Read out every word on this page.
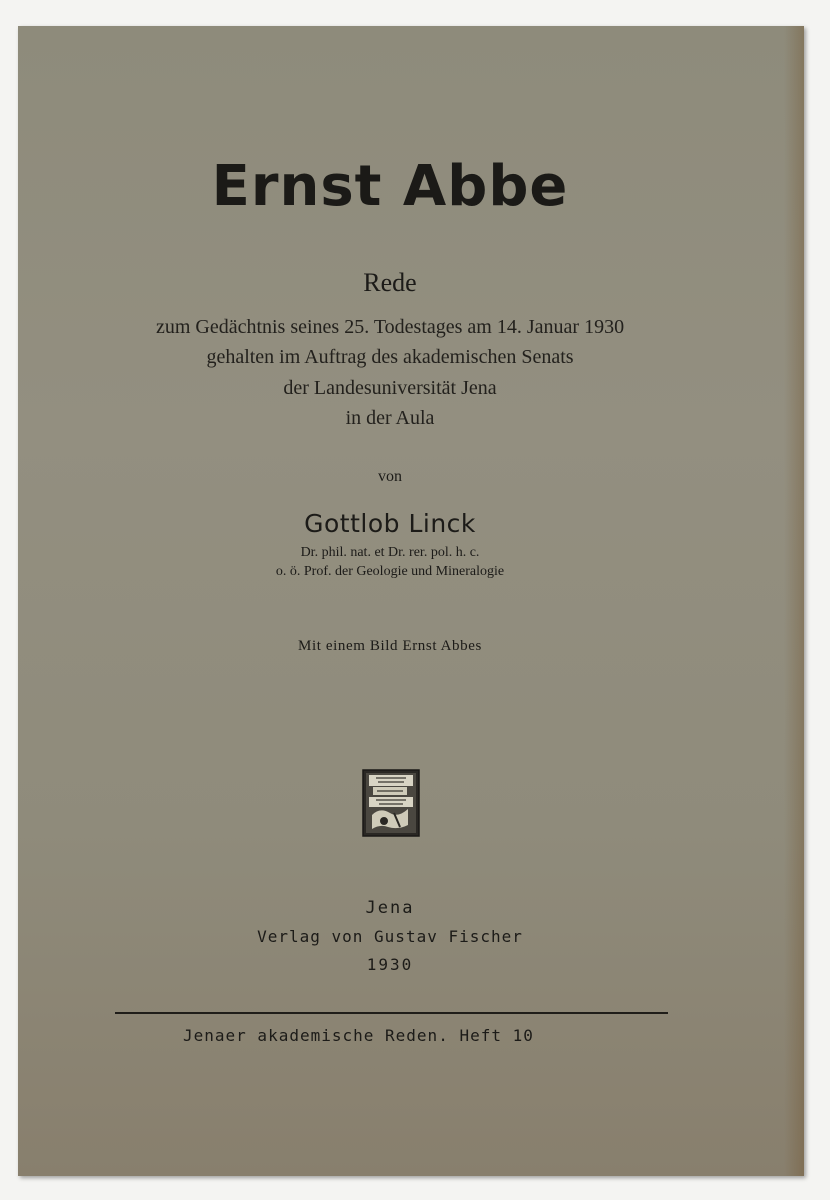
Ernst Abbe
Rede
zum Gedächtnis seines 25. Todestages am 14. Januar 1930
gehalten im Auftrag des akademischen Senats
der Landesuniversität Jena
in der Aula
von
Gottlob Linck
Dr. phil. nat. et Dr. rer. pol. h. c.
o. ö. Prof. der Geologie und Mineralogie
Mit einem Bild Ernst Abbes
Jena
Verlag von Gustav Fischer
1930
Jenaer akademische Reden. Heft 10
